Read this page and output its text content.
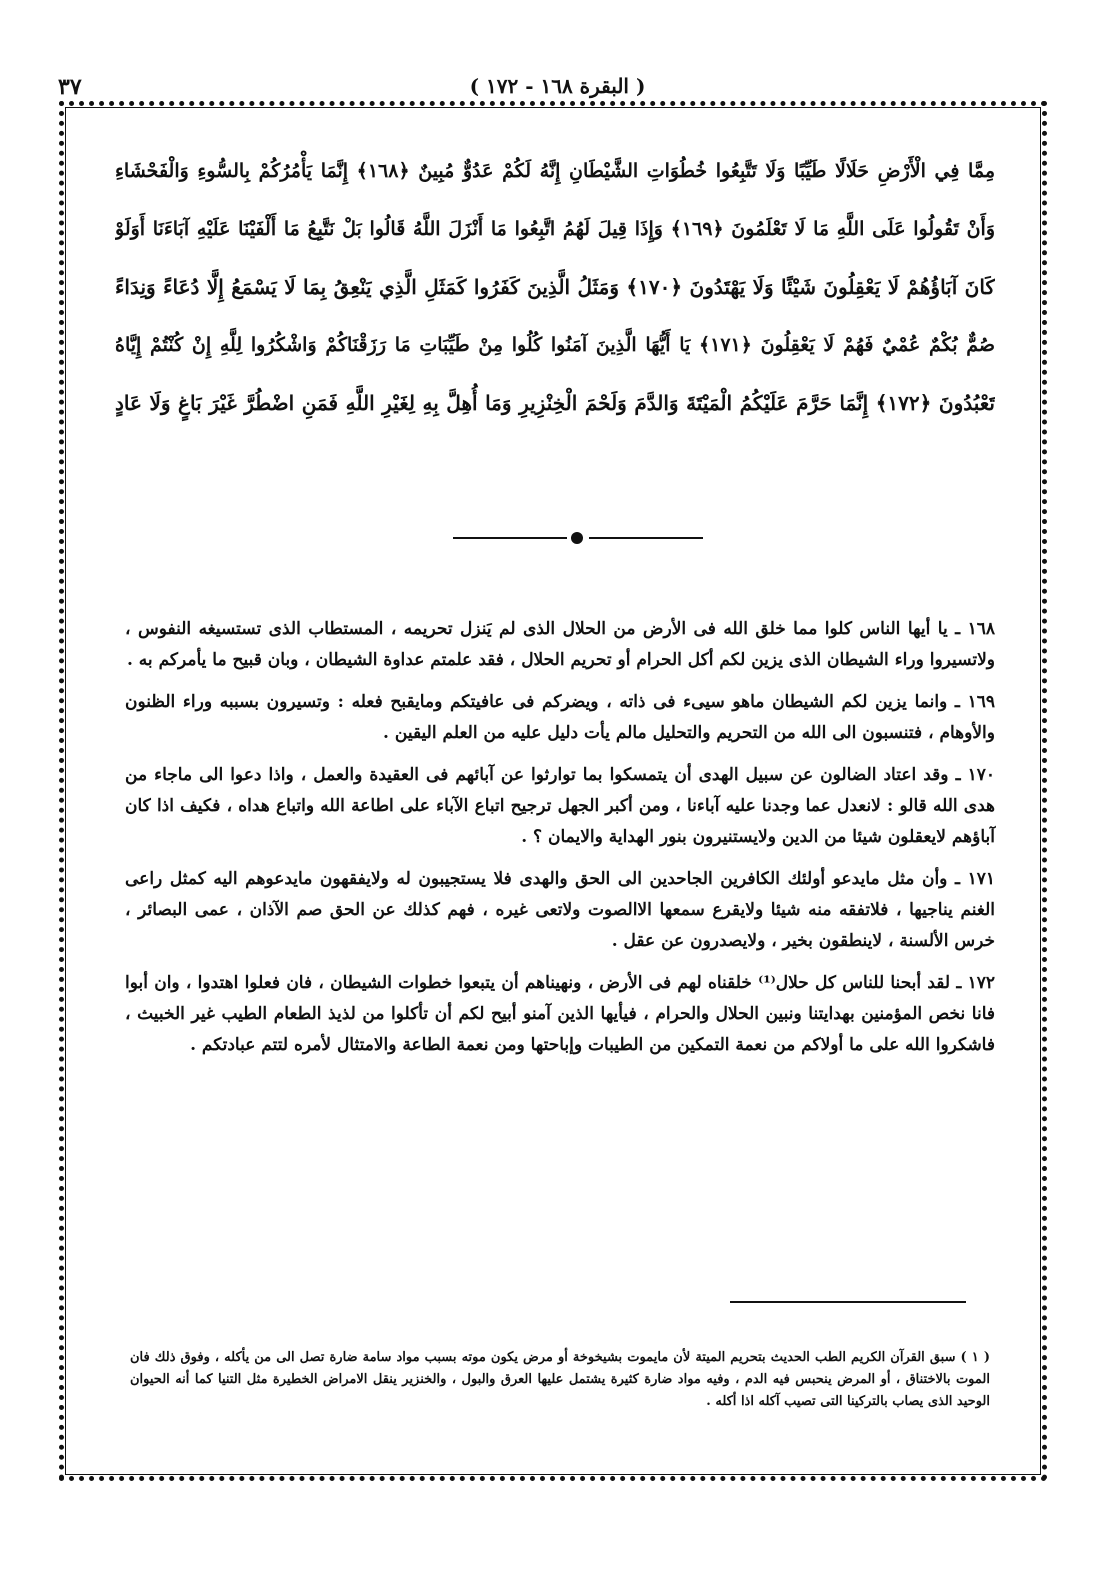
٣٧	( البقرة ١٦٨ - ١٧٢ )
مِمَّا فِي الْأَرْضِ حَلَالًا طَيِّبًا وَلَا تَتَّبِعُوا خُطُوَاتِ الشَّيْطَانِ إِنَّهُ لَكُمْ عَدُوٌّ مُبِينٌ ﴿١٦٨﴾ إِنَّمَا يَأْمُرُكُمْ بِالسُّوءِ وَالْفَحْشَاءِ
وَأَنْ تَقُولُوا عَلَى اللَّهِ مَا لَا تَعْلَمُونَ ﴿١٦٩﴾ وَإِذَا قِيلَ لَهُمُ اتَّبِعُوا مَا أَنْزَلَ اللَّهُ قَالُوا بَلْ نَتَّبِعُ مَا أَلْفَيْنَا عَلَيْهِ آبَاءَنَا أَوَلَوْ
كَانَ آبَاؤُهُمْ لَا يَعْقِلُونَ شَيْئًا وَلَا يَهْتَدُونَ ﴿١٧٠﴾ وَمَثَلُ الَّذِينَ كَفَرُوا كَمَثَلِ الَّذِي يَنْعِقُ بِمَا لَا يَسْمَعُ إِلَّا دُعَاءً وَنِدَاءً
صُمٌّ بُكْمٌ عُمْيٌ فَهُمْ لَا يَعْقِلُونَ ﴿١٧١﴾ يَا أَيُّهَا الَّذِينَ آمَنُوا كُلُوا مِنْ طَيِّبَاتِ مَا رَزَقْنَاكُمْ وَاشْكُرُوا لِلَّهِ إِنْ كُنْتُمْ إِيَّاهُ
تَعْبُدُونَ ﴿١٧٢﴾ إِنَّمَا حَرَّمَ عَلَيْكُمُ الْمَيْتَةَ وَالدَّمَ وَلَحْمَ الْخِنْزِيرِ وَمَا أُهِلَّ بِهِ لِغَيْرِ اللَّهِ فَمَنِ اضْطُرَّ غَيْرَ بَاغٍ وَلَا عَادٍ

١٦٨ ـ يا أيها الناس كلوا مما خلق الله فى الأرض من الحلال الذى لم يَنزل تحريمه ، المستطاب الذى تستسيغه النفوس ، ولاتسيروا وراء الشيطان الذى يزين لكم أكل الحرام أو تحريم الحلال ، فقد علمتم عداوة الشيطان ، وبان قبيح ما يأمركم به .

١٦٩ ـ وانما يزين لكم الشيطان ماهو سيىء فى ذاته ، ويضركم فى عافيتكم ومايقبح فعله : وتسيرون بسببه وراء الظنون والأوهام ، فتنسبون الى الله من التحريم والتحليل مالم يأت دليل عليه من العلم اليقين .

١٧٠ ـ وقد اعتاد الضالون عن سبيل الهدى أن يتمسكوا بما توارثوا عن آبائهم فى العقيدة والعمل ، واذا دعوا الى ماجاء من هدى الله قالو : لانعدل عما وجدنا عليه آباءنا ، ومن أكبر الجهل ترجيح اتباع الآباء على اطاعة الله واتباع هداه ، فكيف اذا كان آباؤهم لايعقلون شيئا من الدين ولايستنيرون بنور الهداية والايمان ؟ .

١٧١ ـ وأن مثل مايدعو أولئك الكافرين الجاحدين الى الحق والهدى فلا يستجيبون له ولايفقهون مايدعوهم اليه كمثل راعى الغنم يناجيها ، فلاتفقه منه شيئا ولايقرع سمعها الاالصوت ولاتعى غيره ، فهم كذلك عن الحق صم الآذان ، عمى البصائر ، خرس الألسنة ، لاينطقون بخير ، ولايصدرون عن عقل .

١٧٢ ـ لقد أبحنا للناس كل حلال⁽¹⁾ خلقناه لهم فى الأرض ، ونهيناهم أن يتبعوا خطوات الشيطان ، فان فعلوا اهتدوا ، وان أبوا فانا نخص المؤمنين بهدايتنا ونبين الحلال والحرام ، فيأيها الذين آمنو أبيح لكم أن تأكلوا من لذيذ الطعام الطيب غير الخبيث ، فاشكروا الله على ما أولاكم من نعمة التمكين من الطيبات وإباحتها ومن نعمة الطاعة والامتثال لأمره لتتم عبادتكم .

( ١ ) سبق القرآن الكريم الطب الحديث بتحريم الميتة لأن مايموت بشيخوخة أو مرض يكون موته بسبب مواد سامة ضارة تصل الى من يأكله ، وفوق ذلك فان الموت بالاختناق ، أو المرض ينحبس فيه الدم ، وفيه مواد ضارة كثيرة يشتمل عليها العرق والبول ، والخنزير ينقل الامراض الخطيرة مثل التنيا كما أنه الحيوان الوحيد الذى يصاب بالتركينا التى تصيب آكله اذا أكله .
